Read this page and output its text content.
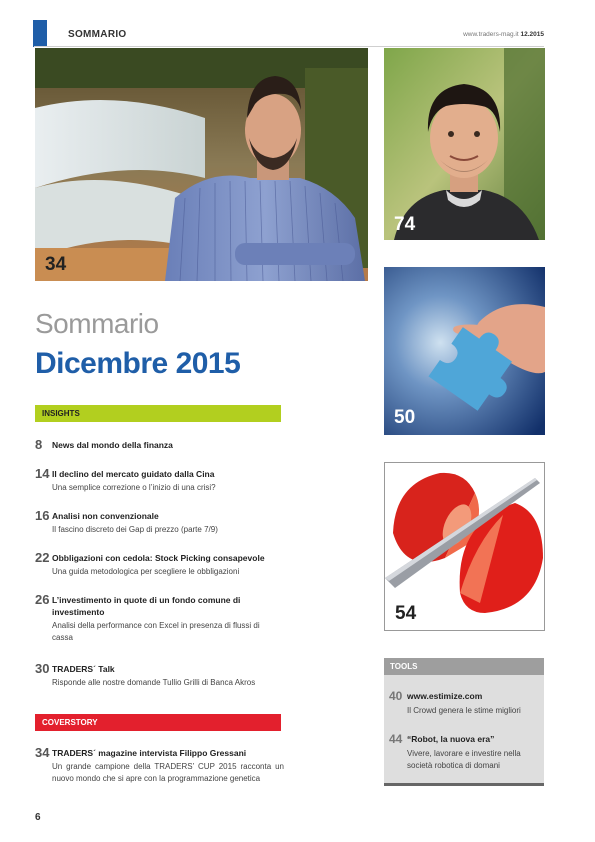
SOMMARIO	www.traders-mag.it 12.2015
34
74
50
54
Sommario
Dicembre 2015
INSIGHTS
8 News dal mondo della finanza
14 Il declino del mercato guidato dalla Cina
Una semplice correzione o l’inizio di una crisi?
16 Analisi non convenzionale
Il fascino discreto dei Gap di prezzo (parte 7/9)
22 Obbligazioni con cedola: Stock Picking consapevole
Una guida metodologica per scegliere le obbligazioni
26 L’investimento in quote di un fondo comune di investimento
Analisi della performance con Excel in presenza di flussi di cassa
30 TRADERS´ Talk
Risponde alle nostre domande Tullio Grilli di Banca Akros
COVERSTORY
34 TRADERS´ magazine intervista Filippo Gressani
Un grande campione della TRADERS’ CUP 2015 racconta un nuovo mondo che si apre con la programmazione genetica
TOOLS
40 www.estimize.com
Il Crowd genera le stime migliori
44 “Robot, la nuova era”
Vivere, lavorare e investire nella società robotica di domani
6
